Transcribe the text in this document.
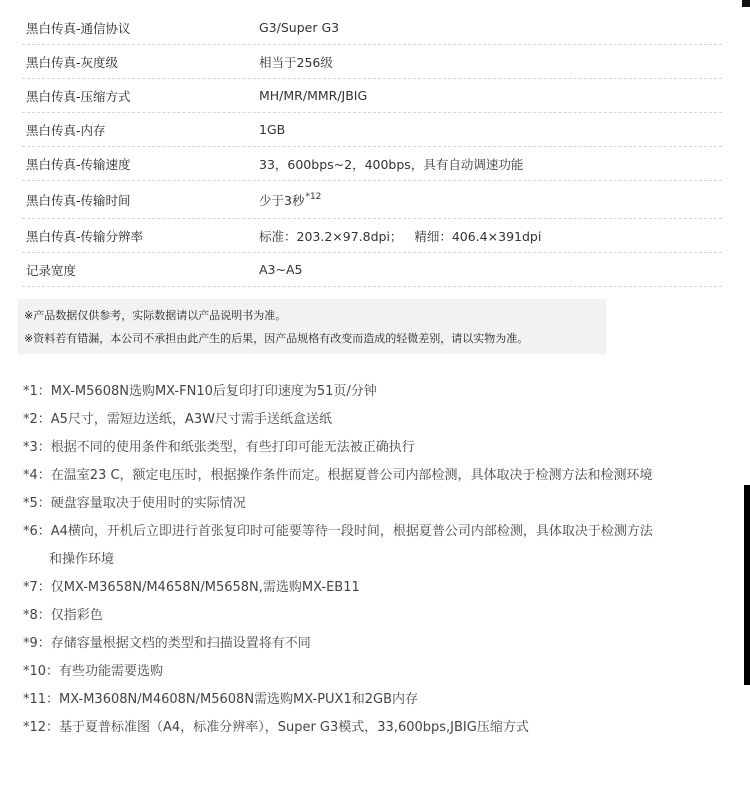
黑白传真-通信协议	G3/Super G3
黑白传真-灰度级	相当于256级
黑白传真-压缩方式	MH/MR/MMR/JBIG
黑白传真-内存	1GB
黑白传真-传输速度	33，600bps~2，400bps，具有自动调速功能
黑白传真-传输时间	少于3秒$^{*12}$
黑白传真-传输分辨率	标准：203.2×97.8dpi；   精细：406.4×391dpi
记录宽度	A3~A5
※产品数据仅供参考，实际数据请以产品说明书为准。
※资料若有错漏，本公司不承担由此产生的后果，因产品规格有改变而造成的轻微差别，请以实物为准。
*1：MX-M5608N选购MX-FN10后复印打印速度为51页/分钟
*2：A5尺寸，需短边送纸，A3W尺寸需手送纸盒送纸
*3：根据不同的使用条件和纸张类型，有些打印可能无法被正确执行
*4：在温室23 C，额定电压时，根据操作条件而定。根据夏普公司内部检测，具体取决于检测方法和检测环境
*5：硬盘容量取决于使用时的实际情况
*6：A4横向，开机后立即进行首张复印时可能要等待一段时间，根据夏普公司内部检测，具体取决于检测方法
和操作环境
*7：仅MX-M3658N/M4658N/M5658N,需选购MX-EB11
*8：仅指彩色
*9：存储容量根据文档的类型和扫描设置将有不同
*10：有些功能需要选购
*11：MX-M3608N/M4608N/M5608N需选购MX-PUX1和2GB内存
*12：基于夏普标准图（A4，标准分辨率），Super G3模式，33,600bps,JBIG压缩方式
